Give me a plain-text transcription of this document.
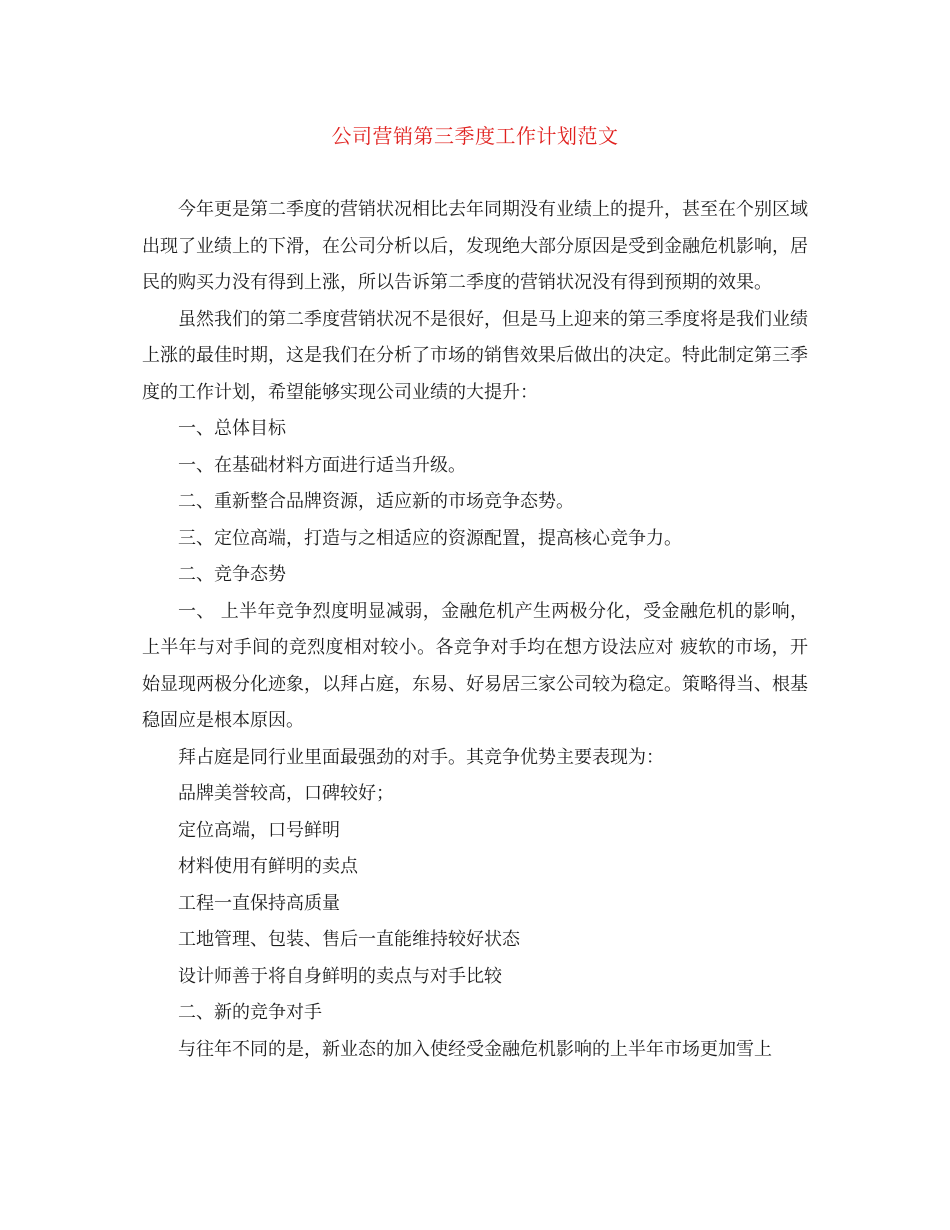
公司营销第三季度工作计划范文

今年更是第二季度的营销状况相比去年同期没有业绩上的提升，甚至在个别区域出现了业绩上的下滑，在公司分析以后，发现绝大部分原因是受到金融危机影响，居民的购买力没有得到上涨，所以告诉第二季度的营销状况没有得到预期的效果。

虽然我们的第二季度营销状况不是很好，但是马上迎来的第三季度将是我们业绩上涨的最佳时期，这是我们在分析了市场的销售效果后做出的决定。特此制定第三季度的工作计划，希望能够实现公司业绩的大提升：

一、总体目标

一、在基础材料方面进行适当升级。

二、重新整合品牌资源，适应新的市场竞争态势。

三、定位高端，打造与之相适应的资源配置，提高核心竞争力。

二、竞争态势

一、 上半年竞争烈度明显减弱，金融危机产生两极分化，受金融危机的影响，上半年与对手间的竞烈度相对较小。各竞争对手均在想方设法应对 疲软的市场，开始显现两极分化迹象，以拜占庭，东易、好易居三家公司较为稳定。策略得当、根基稳固应是根本原因。

拜占庭是同行业里面最强劲的对手。其竞争优势主要表现为：

品牌美誉较高，口碑较好；

定位高端，口号鲜明

材料使用有鲜明的卖点

工程一直保持高质量

工地管理、包装、售后一直能维持较好状态

设计师善于将自身鲜明的卖点与对手比较

二、新的竞争对手

与往年不同的是，新业态的加入使经受金融危机影响的上半年市场更加雪上
